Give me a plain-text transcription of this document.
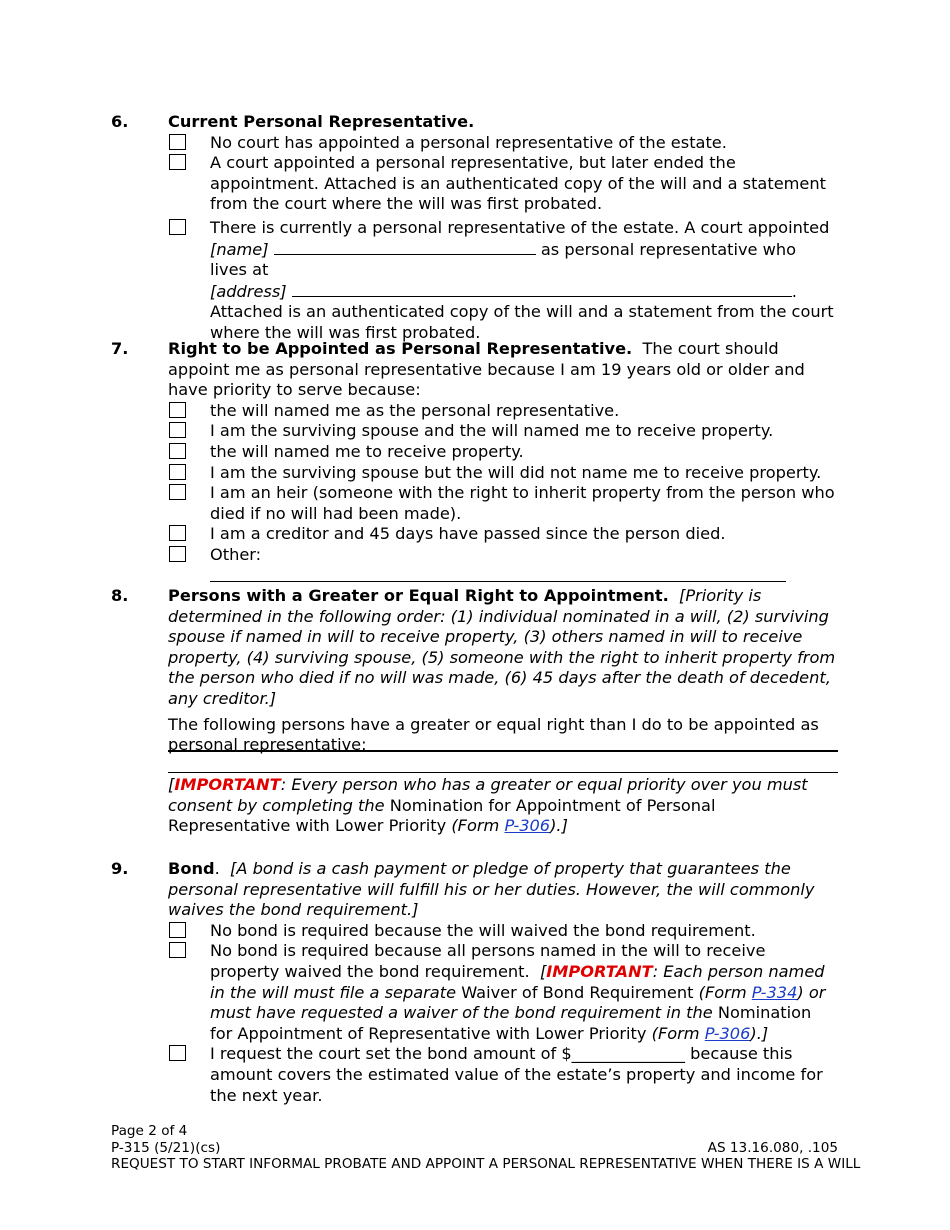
6. Current Personal Representative.
No court has appointed a personal representative of the estate.
A court appointed a personal representative, but later ended the appointment. Attached is an authenticated copy of the will and a statement from the court where the will was first probated.
There is currently a personal representative of the estate. A court appointed
[name]	as personal representative who lives at
[address]	.
Attached is an authenticated copy of the will and a statement from the court where the will was first probated.
7. Right to be Appointed as Personal Representative. The court should appoint me as personal representative because I am 19 years old or older and have priority to serve because:
the will named me as the personal representative.
I am the surviving spouse and the will named me to receive property.
the will named me to receive property.
I am the surviving spouse but the will did not name me to receive property.
I am an heir (someone with the right to inherit property from the person who died if no will had been made).
I am a creditor and 45 days have passed since the person died.
Other:
8. Persons with a Greater or Equal Right to Appointment. [Priority is determined in the following order: (1) individual nominated in a will, (2) surviving spouse if named in will to receive property, (3) others named in will to receive property, (4) surviving spouse, (5) someone with the right to inherit property from the person who died if no will was made, (6) 45 days after the death of decedent, any creditor.]
The following persons have a greater or equal right than I do to be appointed as personal representative:
[IMPORTANT: Every person who has a greater or equal priority over you must consent by completing the Nomination for Appointment of Personal Representative with Lower Priority (Form P-306).]
9. Bond. [A bond is a cash payment or pledge of property that guarantees the personal representative will fulfill his or her duties. However, the will commonly waives the bond requirement.]
No bond is required because the will waived the bond requirement.
No bond is required because all persons named in the will to receive property waived the bond requirement. [IMPORTANT: Each person named in the will must file a separate Waiver of Bond Requirement (Form P-334) or must have requested a waiver of the bond requirement in the Nomination for Appointment of Representative with Lower Priority (Form P-306).]
I request the court set the bond amount of $______________ because this amount covers the estimated value of the estate’s property and income for the next year.
Page 2 of 4
P-315 (5/21)(cs)	AS 13.16.080, .105
REQUEST TO START INFORMAL PROBATE AND APPOINT A PERSONAL REPRESENTATIVE WHEN THERE IS A WILL
